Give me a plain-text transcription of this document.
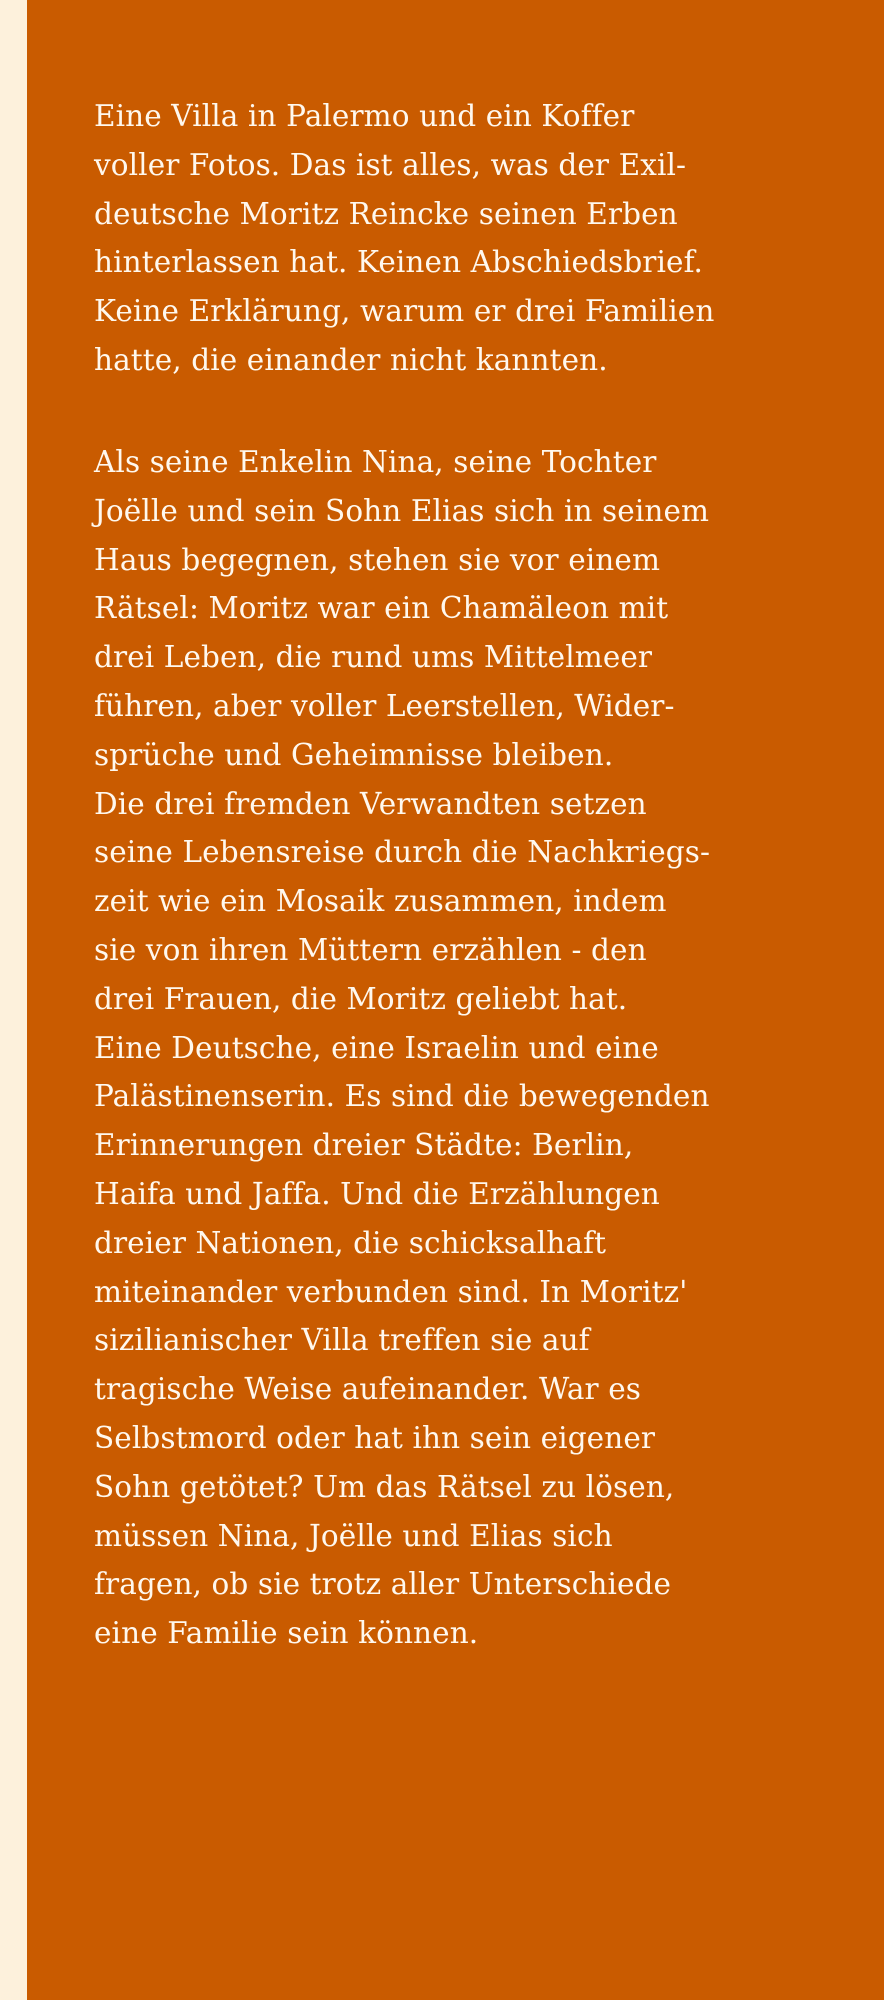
Eine Villa in Palermo und ein Koffer
voller Fotos. Das ist alles, was der Exil-
deutsche Moritz Reincke seinen Erben
hinterlassen hat. Keinen Abschiedsbrief.
Keine Erklärung, warum er drei Familien
hatte, die einander nicht kannten.
Als seine Enkelin Nina, seine Tochter
Joëlle und sein Sohn Elias sich in seinem
Haus begegnen, stehen sie vor einem
Rätsel: Moritz war ein Chamäleon mit
drei Leben, die rund ums Mittelmeer
führen, aber voller Leerstellen, Wider-
sprüche und Geheimnisse bleiben.
Die drei fremden Verwandten setzen
seine Lebensreise durch die Nachkriegs-
zeit wie ein Mosaik zusammen, indem
sie von ihren Müttern erzählen - den
drei Frauen, die Moritz geliebt hat.
Eine Deutsche, eine Israelin und eine
Palästinenserin. Es sind die bewegenden
Erinnerungen dreier Städte: Berlin,
Haifa und Jaffa. Und die Erzählungen
dreier Nationen, die schicksalhaft
miteinander verbunden sind. In Moritz'
sizilianischer Villa treffen sie auf
tragische Weise aufeinander. War es
Selbstmord oder hat ihn sein eigener
Sohn getötet? Um das Rätsel zu lösen,
müssen Nina, Joëlle und Elias sich
fragen, ob sie trotz aller Unterschiede
eine Familie sein können.
